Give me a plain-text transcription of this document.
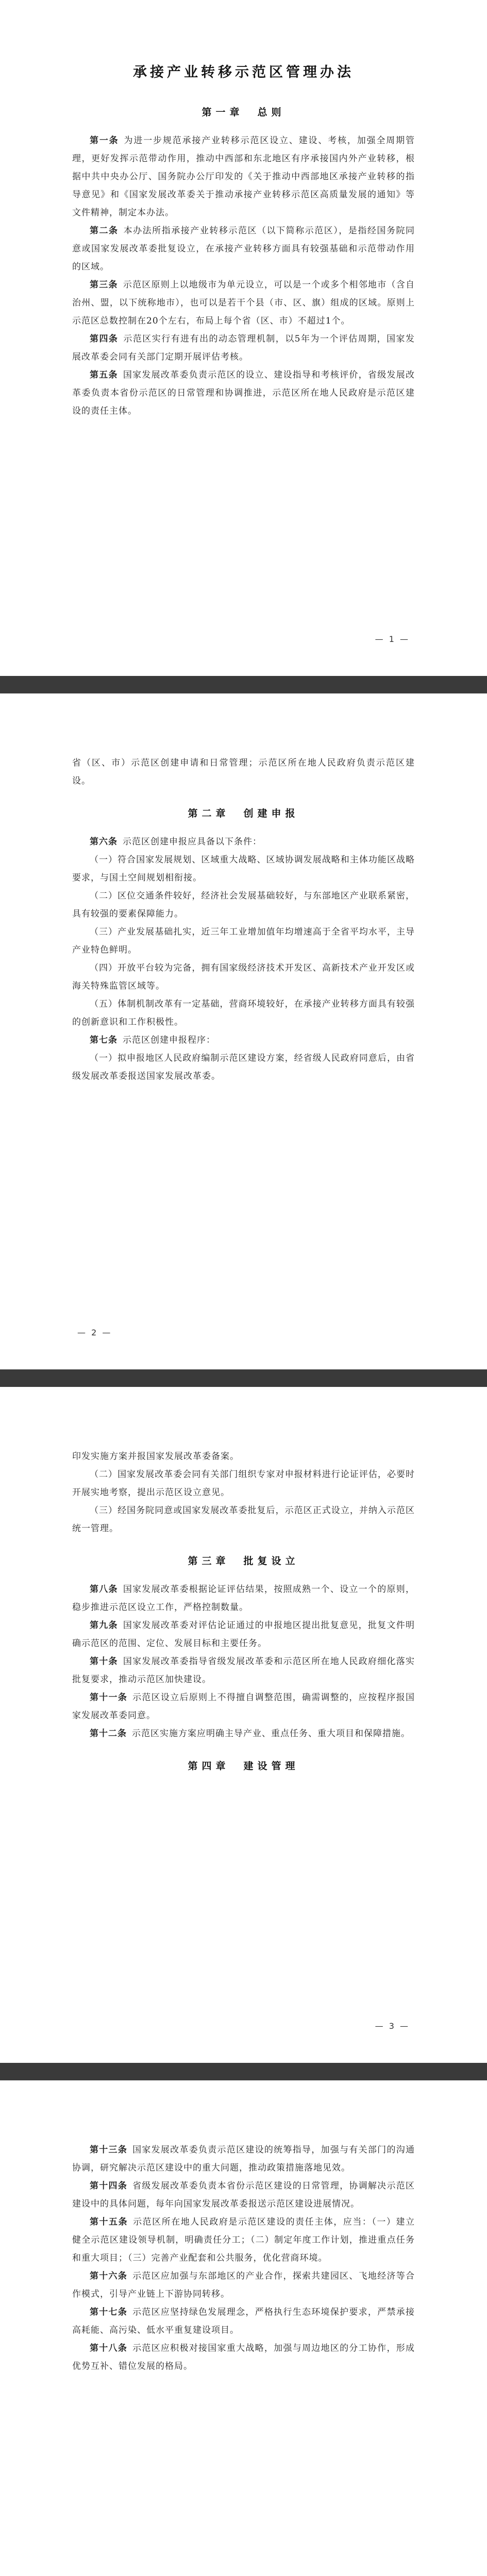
承接产业转移示范区管理办法
第一章　总则

第一条 为进一步规范承接产业转移示范区设立、建设、考核，加强全周期管理，更好发挥示范带动作用，推动中西部和东北地区有序承接国内外产业转移，根据中共中央办公厅、国务院办公厅印发的《关于推动中西部地区承接产业转移的指导意见》和《国家发展改革委关于推动承接产业转移示范区高质量发展的通知》等文件精神，制定本办法。

第二条 本办法所指承接产业转移示范区（以下简称示范区），是指经国务院同意或国家发展改革委批复设立，在承接产业转移方面具有较强基础和示范带动作用的区域。

第三条 示范区原则上以地级市为单元设立，可以是一个或多个相邻地市（含自治州、盟，以下统称地市），也可以是若干个县（市、区、旗）组成的区域。原则上示范区总数控制在20个左右，布局上每个省（区、市）不超过1个。

第四条 示范区实行有进有出的动态管理机制，以5年为一个评估周期，国家发展改革委会同有关部门定期开展评估考核。

第五条 国家发展改革委负责示范区的设立、建设指导和考核评价，省级发展改革委负责本省份示范区的日常管理和协调推进，示范区所在地人民政府是示范区建设的责任主体。

— 1 —

省（区、市）示范区创建申请和日常管理；示范区所在地人民政府负责示范区建设。

第二章　创建申报

第六条 示范区创建申报应具备以下条件：

（一）符合国家发展规划、区域重大战略、区域协调发展战略和主体功能区战略要求，与国土空间规划相衔接。

（二）区位交通条件较好，经济社会发展基础较好，与东部地区产业联系紧密，具有较强的要素保障能力。

（三）产业发展基础扎实，近三年工业增加值年均增速高于全省平均水平，主导产业特色鲜明。

（四）开放平台较为完备，拥有国家级经济技术开发区、高新技术产业开发区或海关特殊监管区域等。

（五）体制机制改革有一定基础，营商环境较好，在承接产业转移方面具有较强的创新意识和工作积极性。

第七条 示范区创建申报程序：

（一）拟申报地区人民政府编制示范区建设方案，经省级人民政府同意后，由省级发展改革委报送国家发展改革委。

— 2 —

印发实施方案并报国家发展改革委备案。

（二）国家发展改革委会同有关部门组织专家对申报材料进行论证评估，必要时开展实地考察，提出示范区设立意见。

（三）经国务院同意或国家发展改革委批复后，示范区正式设立，并纳入示范区统一管理。

第三章　批复设立

第八条 国家发展改革委根据论证评估结果，按照成熟一个、设立一个的原则，稳步推进示范区设立工作，严格控制数量。

第九条 国家发展改革委对评估论证通过的申报地区提出批复意见，批复文件明确示范区的范围、定位、发展目标和主要任务。

第十条 国家发展改革委指导省级发展改革委和示范区所在地人民政府细化落实批复要求，推动示范区加快建设。

第十一条 示范区设立后原则上不得擅自调整范围，确需调整的，应按程序报国家发展改革委同意。

第十二条 示范区实施方案应明确主导产业、重点任务、重大项目和保障措施。

第四章　建设管理
— 3 —

第十三条 国家发展改革委负责示范区建设的统筹指导，加强与有关部门的沟通协调，研究解决示范区建设中的重大问题，推动政策措施落地见效。

第十四条 省级发展改革委负责本省份示范区建设的日常管理，协调解决示范区建设中的具体问题，每年向国家发展改革委报送示范区建设进展情况。

第十五条 示范区所在地人民政府是示范区建设的责任主体，应当：（一）建立健全示范区建设领导机制，明确责任分工；（二）制定年度工作计划，推进重点任务和重大项目；（三）完善产业配套和公共服务，优化营商环境。

第十六条 示范区应加强与东部地区的产业合作，探索共建园区、飞地经济等合作模式，引导产业链上下游协同转移。

第十七条 示范区应坚持绿色发展理念，严格执行生态环境保护要求，严禁承接高耗能、高污染、低水平重复建设项目。

第十八条 示范区应积极对接国家重大战略，加强与周边地区的分工协作，形成优势互补、错位发展的格局。
